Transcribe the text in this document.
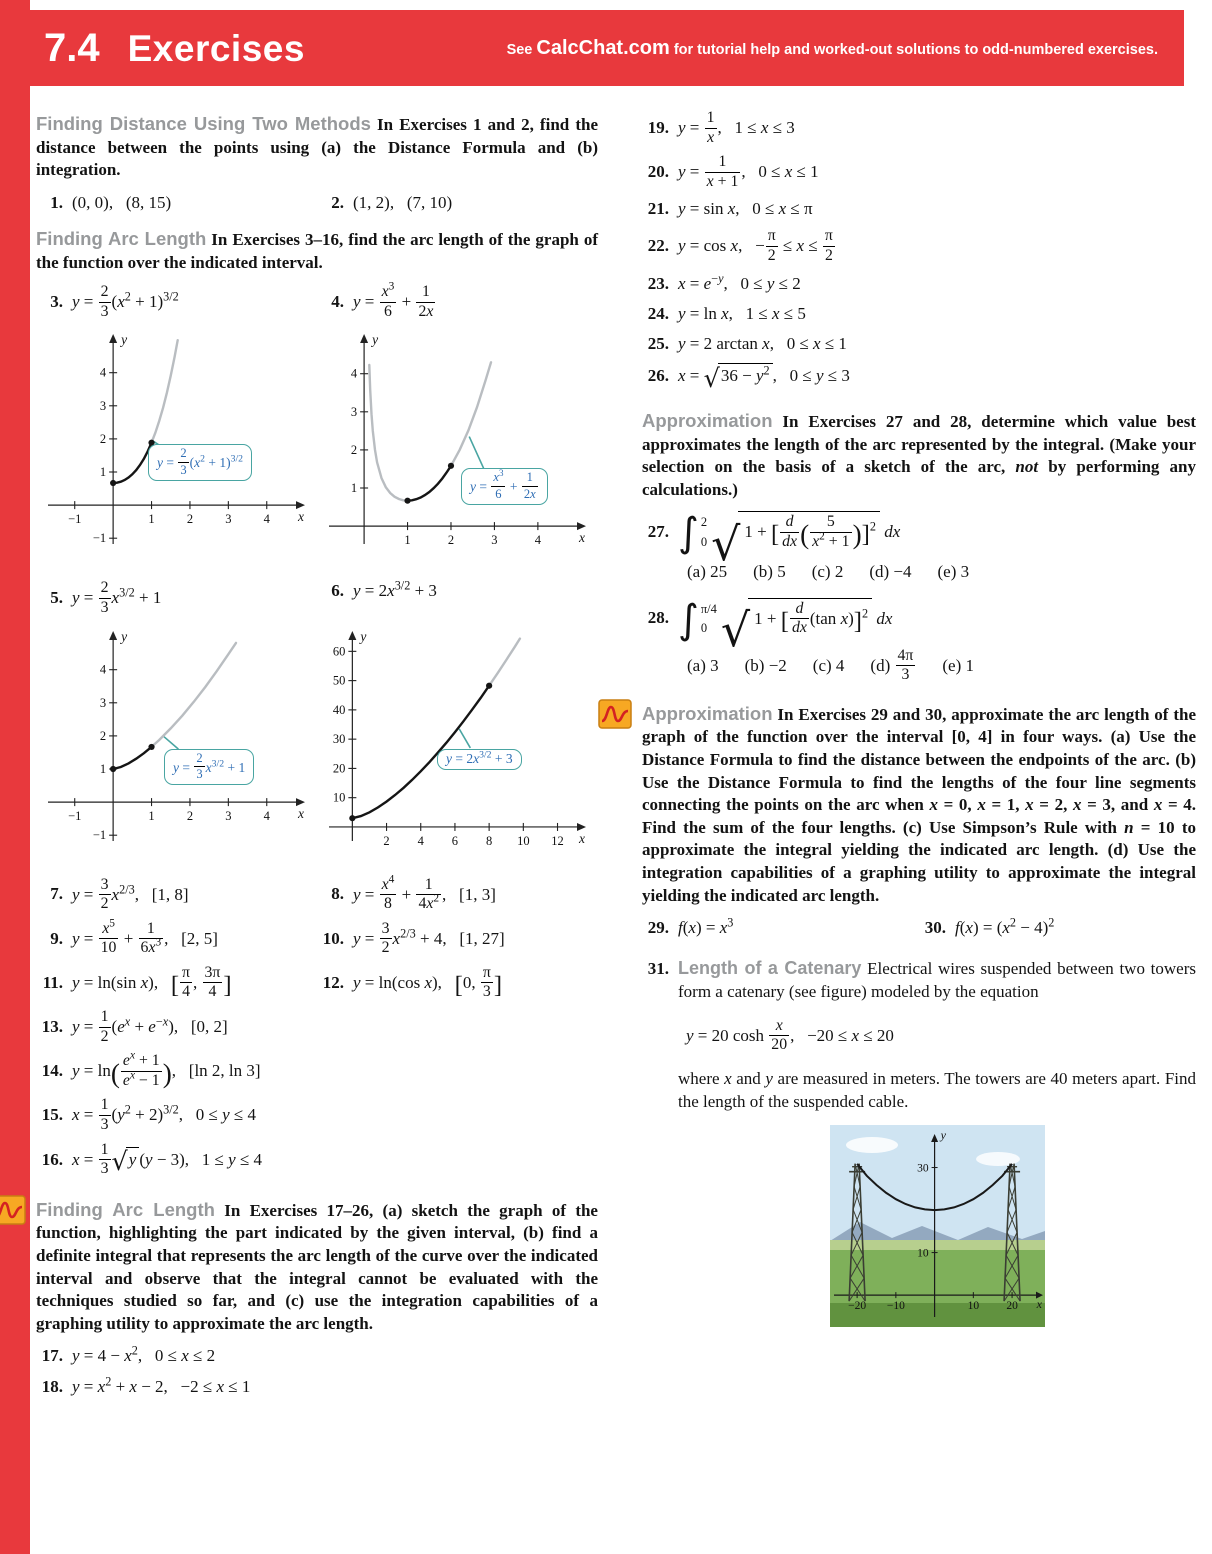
7.4 Exercises	See CalcChat.com for tutorial help and worked-out solutions to odd-numbered exercises.

Finding Distance Using Two Methods In Exercises 1 and 2, find the distance between the points using (a) the Distance Formula and (b) integration.

1. (0, 0),   (8, 15)	2. (1, 2),   (7, 10)

Finding Arc Length In Exercises 3–16, find the arc length of the graph of the function over the indicated interval.

3. $y = \frac{2}{3} (x^2 + 1)^{3/2}$	4. $y = \frac{x^3}{6} + \frac{1}{2x}$
x
y
−1	1	2	3	4
−1
1
2
3
4
$y = \frac{2}{3} (x^2 + 1)^{3/2}$
x
y
1	2	3	4
1
2
3
4
$y = \frac{x^3}{6} + \frac{1}{2x}$
5. $y = \frac{2}{3} x^{3/2} + 1$	6. $y = 2x^{3/2} + 3$
x
y
−1	1	2	3	4
−1
1
2
3
4
$y = \frac{2}{3} x^{3/2} + 1$
x
y
2 4 6 8 10 12
10
20
30
40
50
60
$y = 2x^{3/2} + 3$
7. $y = \frac{3}{2} x^{2/3}$,   [1, 8]	8. $y = \frac{x^4}{8} + \frac{1}{4x^2}$ ,   [1, 3]
9. $y = \frac{x^5}{10} + \frac{1}{6x^3}$ ,   [2, 5]	10. $y = \frac{3}{2} x^{2/3} + 4$,   [1, 27]
11. y = ln(sin x),   [ $\frac{\pi}{4}$ , $\frac{3\pi}{4}$ ]	12. y = ln(cos x),   [0, $\frac{\pi}{3}$ ]
13. $y = \frac{1}{2} (e^x + e^{-x})$,   [0, 2]
14. $y = \ln( \frac{e^x + 1}{e^x - 1}$ ),   [ln 2, ln 3]
15. $x = \frac{1}{3} (y^2 + 2)^{3/2}$,   0 ≤ y ≤ 4
16. $x = \frac{1}{3} √y$ (y − 3),   1 ≤ y ≤ 4

Finding Arc Length In Exercises 17–26, (a) sketch the graph of the function, highlighting the part indicated by the given interval, (b) find a definite integral that represents the arc length of the curve over the indicated interval and observe that the integral cannot be evaluated with the techniques studied so far, and (c) use the integration capabilities of a graphing utility to approximate the arc length.

17. $y = 4 - x^2$,   0 ≤ x ≤ 2
18. $y = x^2 + x - 2$,   −2 ≤ x ≤ 1
19. $y = \frac{1}{x}$ ,   1 ≤ x ≤ 3
20. $y = \frac{1}{x + 1}$ ,   0 ≤ x ≤ 1
21. y = sin x,   0 ≤ x ≤ π
22. y = cos x,   − $\frac{\pi}{2} \le x \le \frac{\pi}{2}$
23. $x = e^{-y}$,   0 ≤ y ≤ 2
24. y = ln x,   1 ≤ x ≤ 5
25. y = 2 arctan x,   0 ≤ x ≤ 1
26. $x = √36 - y^2$ ,   0 ≤ y ≤ 3

Approximation In Exercises 27 and 28, determine which value best approximates the length of the arc represented by the integral. (Make your selection on the basis of a sketch of the arc, not by performing any calculations.)

27. ∫ 2
0 √ 1 + [ $\frac{d}{dx}$ ( $\frac{5}{x^2 + 1} )]^2$ dx
(a) 25 (b) 5 (c) 2 (d) −4 (e) 3
28. ∫ π/4
0 √ 1 + [ $\frac{d}{dx} (\tan$ x)]$^2$ dx
(a) 3 (b) −2 (c) 4 $(d) \frac{4\pi}{3} (e)$ 1

Approximation In Exercises 29 and 30, approximate the arc length of the graph of the function over the interval [0, 4] in four ways. (a) Use the Distance Formula to find the distance between the endpoints of the arc. (b) Use the Distance Formula to find the lengths of the four line segments connecting the points on the arc when x = 0, x = 1, x = 2, x = 3, and x = 4. Find the sum of the four lengths. (c) Use Simpson’s Rule with n = 10 to approximate the integral yielding the indicated arc length. (d) Use the integration capabilities of a graphing utility to approximate the integral yielding the indicated arc length.

29. $f(x) = x^3$	30. $f(x) = (x^2 - 4)^2$
31. Length of a Catenary Electrical wires suspended between two towers form a catenary (see figure) modeled by the equation

y = 20 $\cosh \frac{x}{20}$ ,   −20 ≤ x ≤ 20

where x and y are measured in meters. The towers are 40 meters apart. Find the length of the suspended cable.

x
y
10
30
−20 −10	10 20
